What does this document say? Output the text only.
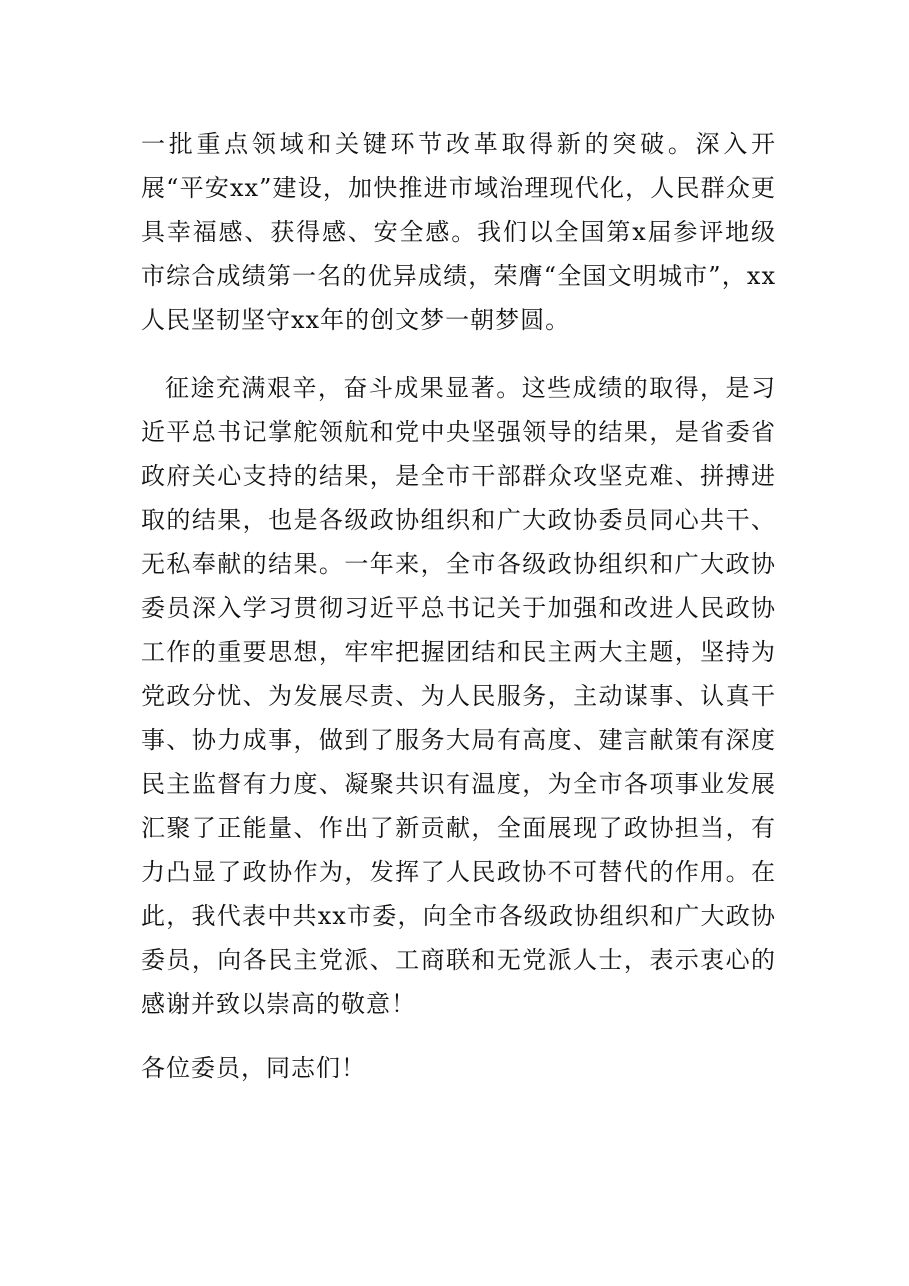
一批重点领域和关键环节改革取得新的突破。深入开展“平安xx”建设，加快推进市域治理现代化，人民群众更具幸福感、获得感、安全感。我们以全国第x届参评地级市综合成绩第一名的优异成绩，荣膺“全国文明城市”，xx人民坚韧坚守xx年的创文梦一朝梦圆。

征途充满艰辛，奋斗成果显著。这些成绩的取得，是习近平总书记掌舵领航和党中央坚强领导的结果，是省委省政府关心支持的结果，是全市干部群众攻坚克难、拼搏进取的结果，也是各级政协组织和广大政协委员同心共干、无私奉献的结果。一年来，全市各级政协组织和广大政协委员深入学习贯彻习近平总书记关于加强和改进人民政协工作的重要思想，牢牢把握团结和民主两大主题，坚持为党政分忧、为发展尽责、为人民服务，主动谋事、认真干事、协力成事，做到了服务大局有高度、建言献策有深度民主监督有力度、凝聚共识有温度，为全市各项事业发展汇聚了正能量、作出了新贡献，全面展现了政协担当，有力凸显了政协作为，发挥了人民政协不可替代的作用。在此，我代表中共xx市委，向全市各级政协组织和广大政协委员，向各民主党派、工商联和无党派人士，表示衷心的感谢并致以崇高的敬意！

各位委员，同志们！
